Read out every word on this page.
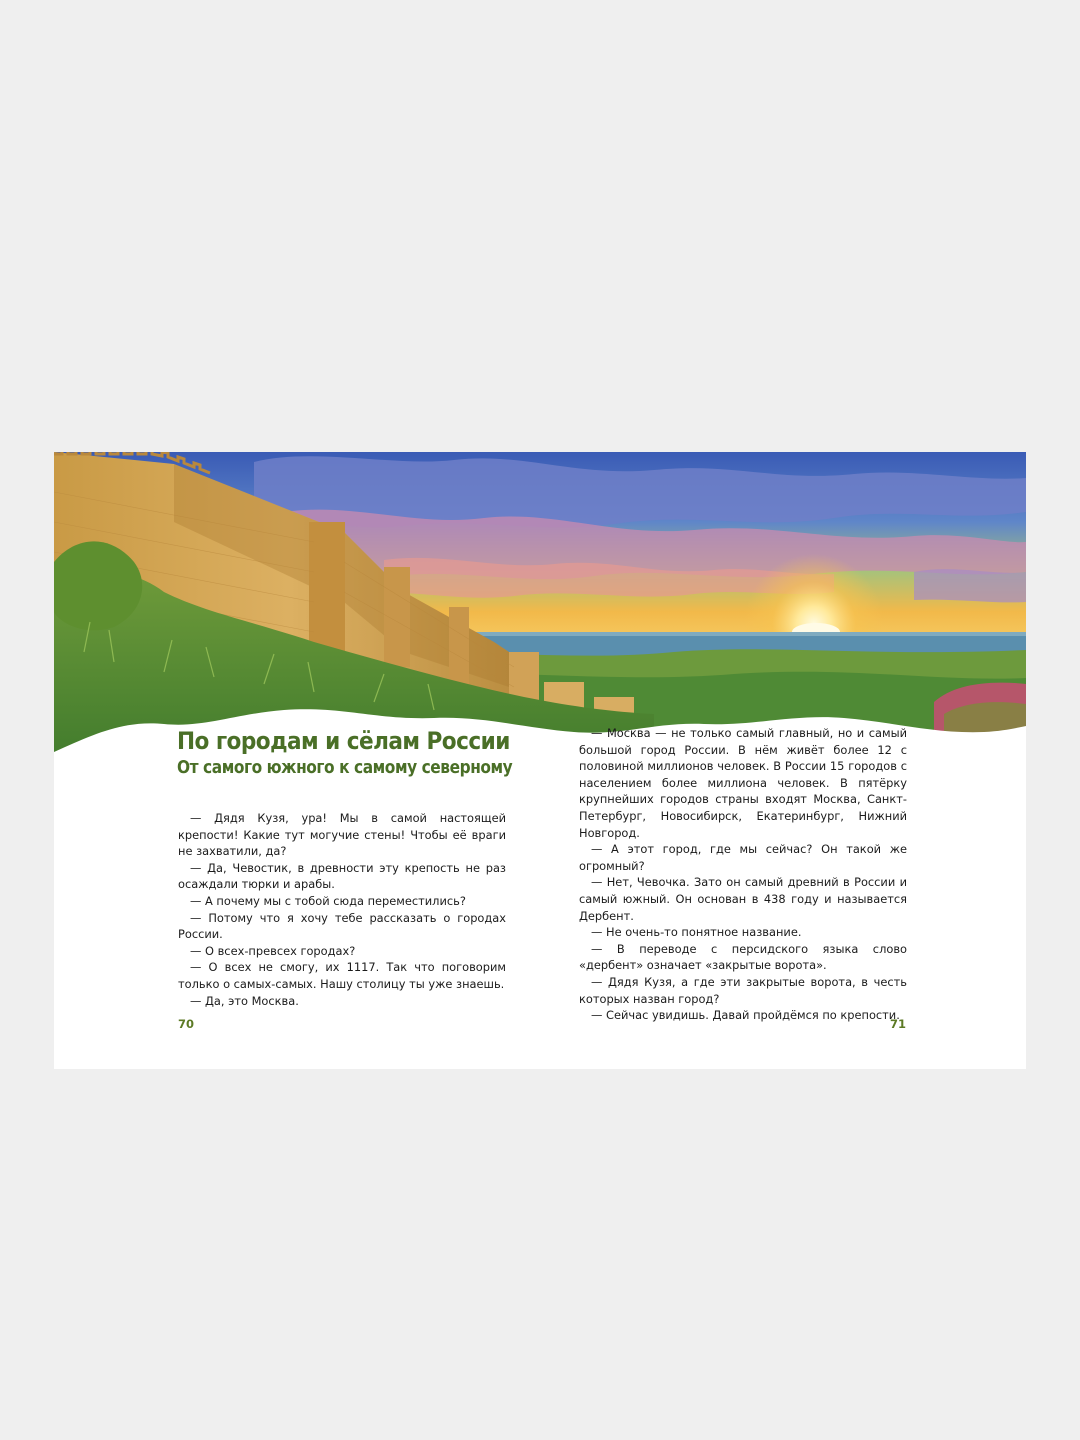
По городам и сёлам России
От самого южного к самому северному

— Дядя Кузя, ура! Мы в самой настоящей крепости! Какие тут могучие стены! Чтобы её враги не захватили, да?

— Да, Чевостик, в древности эту крепость не раз осаждали тюрки и арабы.

— А почему мы с тобой сюда переместились?

— Потому что я хочу тебе рассказать о городах России.

— О всех-превсех городах?

— О всех не смогу, их 1117. Так что поговорим только о самых-самых. Нашу столицу ты уже знаешь.

— Да, это Москва.

— Москва — не только самый главный, но и самый большой город России. В нём живёт более 12 с половиной миллионов человек. В России 15 городов с населением более миллиона человек. В пятёрку крупнейших городов страны входят Москва, Санкт-Петербург, Новосибирск, Екатеринбург, Нижний Новгород.

— А этот город, где мы сейчас? Он такой же огромный?

— Нет, Чевочка. Зато он самый древний в России и самый южный. Он основан в 438 году и называется Дербент.

— Не очень-то понятное название.

— В переводе с персидского языка слово «дербент» означает «закрытые ворота».

— Дядя Кузя, а где эти закрытые ворота, в честь которых назван город?

— Сейчас увидишь. Давай пройдёмся по крепости.

70	71
